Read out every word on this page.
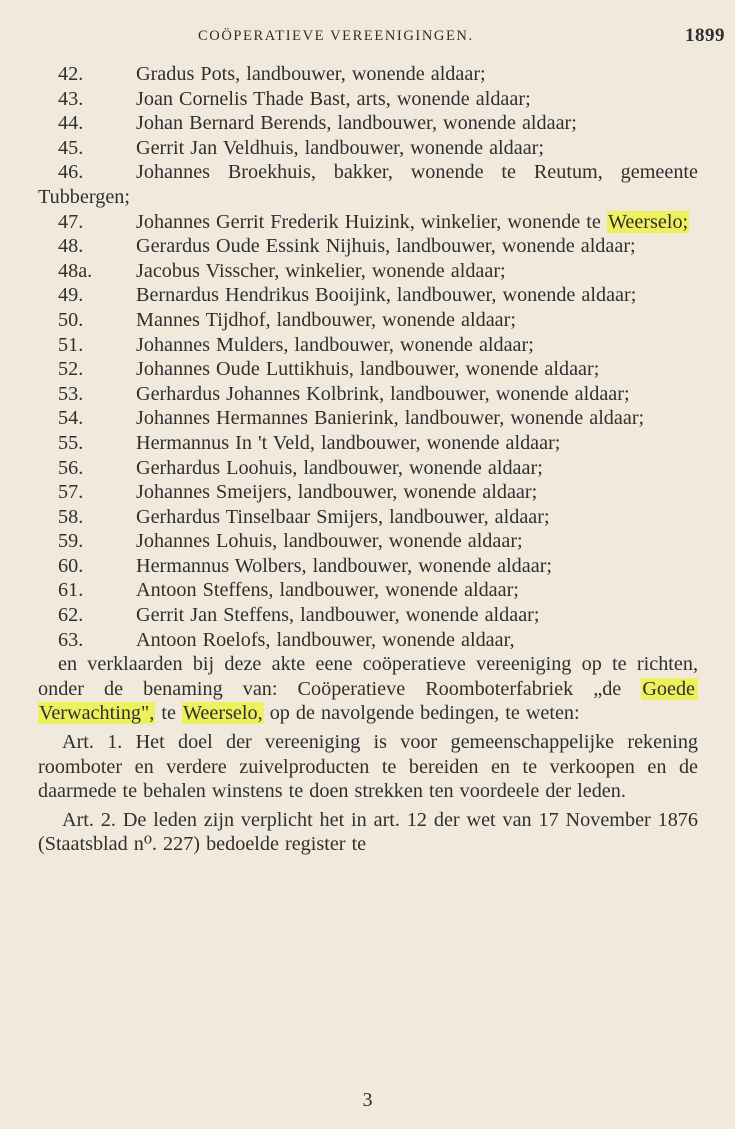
COÖPERATIEVE VEREENIGINGEN.	1899
42.	Gradus Pots, landbouwer, wonende aldaar;
43.	Joan Cornelis Thade Bast, arts, wonende aldaar;
44.	Johan Bernard Berends, landbouwer, wonende aldaar;
45.	Gerrit Jan Veldhuis, landbouwer, wonende aldaar;
46.	Johannes Broekhuis, bakker, wonende te Reutum, gemeente Tubbergen;
47.	Johannes Gerrit Frederik Huizink, winkelier, wonende te Weerselo;
48.	Gerardus Oude Essink Nijhuis, landbouwer, wonende aldaar;
48a. Jacobus Visscher, winkelier, wonende aldaar;
49.	Bernardus Hendrikus Booijink, landbouwer, wonende aldaar;
50.	Mannes Tijdhof, landbouwer, wonende aldaar;
51.	Johannes Mulders, landbouwer, wonende aldaar;
52.	Johannes Oude Luttikhuis, landbouwer, wonende aldaar;
53.	Gerhardus Johannes Kolbrink, landbouwer, wonende aldaar;
54.	Johannes Hermannes Banierink, landbouwer, wonende aldaar;
55.	Hermannus In 't Veld, landbouwer, wonende aldaar;
56.	Gerhardus Loohuis, landbouwer, wonende aldaar;
57.	Johannes Smeijers, landbouwer, wonende aldaar;
58.	Gerhardus Tinselbaar Smijers, landbouwer, aldaar;
59.	Johannes Lohuis, landbouwer, wonende aldaar;
60.	Hermannus Wolbers, landbouwer, wonende aldaar;
61.	Antoon Steffens, landbouwer, wonende aldaar;
62.	Gerrit Jan Steffens, landbouwer, wonende aldaar;
63.	Antoon Roelofs, landbouwer, wonende aldaar,
en verklaarden bij deze akte eene coöperatieve vereeniging op te richten, onder de benaming van: Coöperatieve Roomboterfabriek „de Goede Verwachting", te Weerselo, op de navolgende bedingen, te weten:
Art. 1. Het doel der vereeniging is voor gemeenschappelijke rekening roomboter en verdere zuivelproducten te bereiden en te verkoopen en de daarmede te behalen winstens te doen strekken ten voordeele der leden.
Art. 2. De leden zijn verplicht het in art. 12 der wet van 17 November 1876 (Staatsblad n⁰. 227) bedoelde register te
3
